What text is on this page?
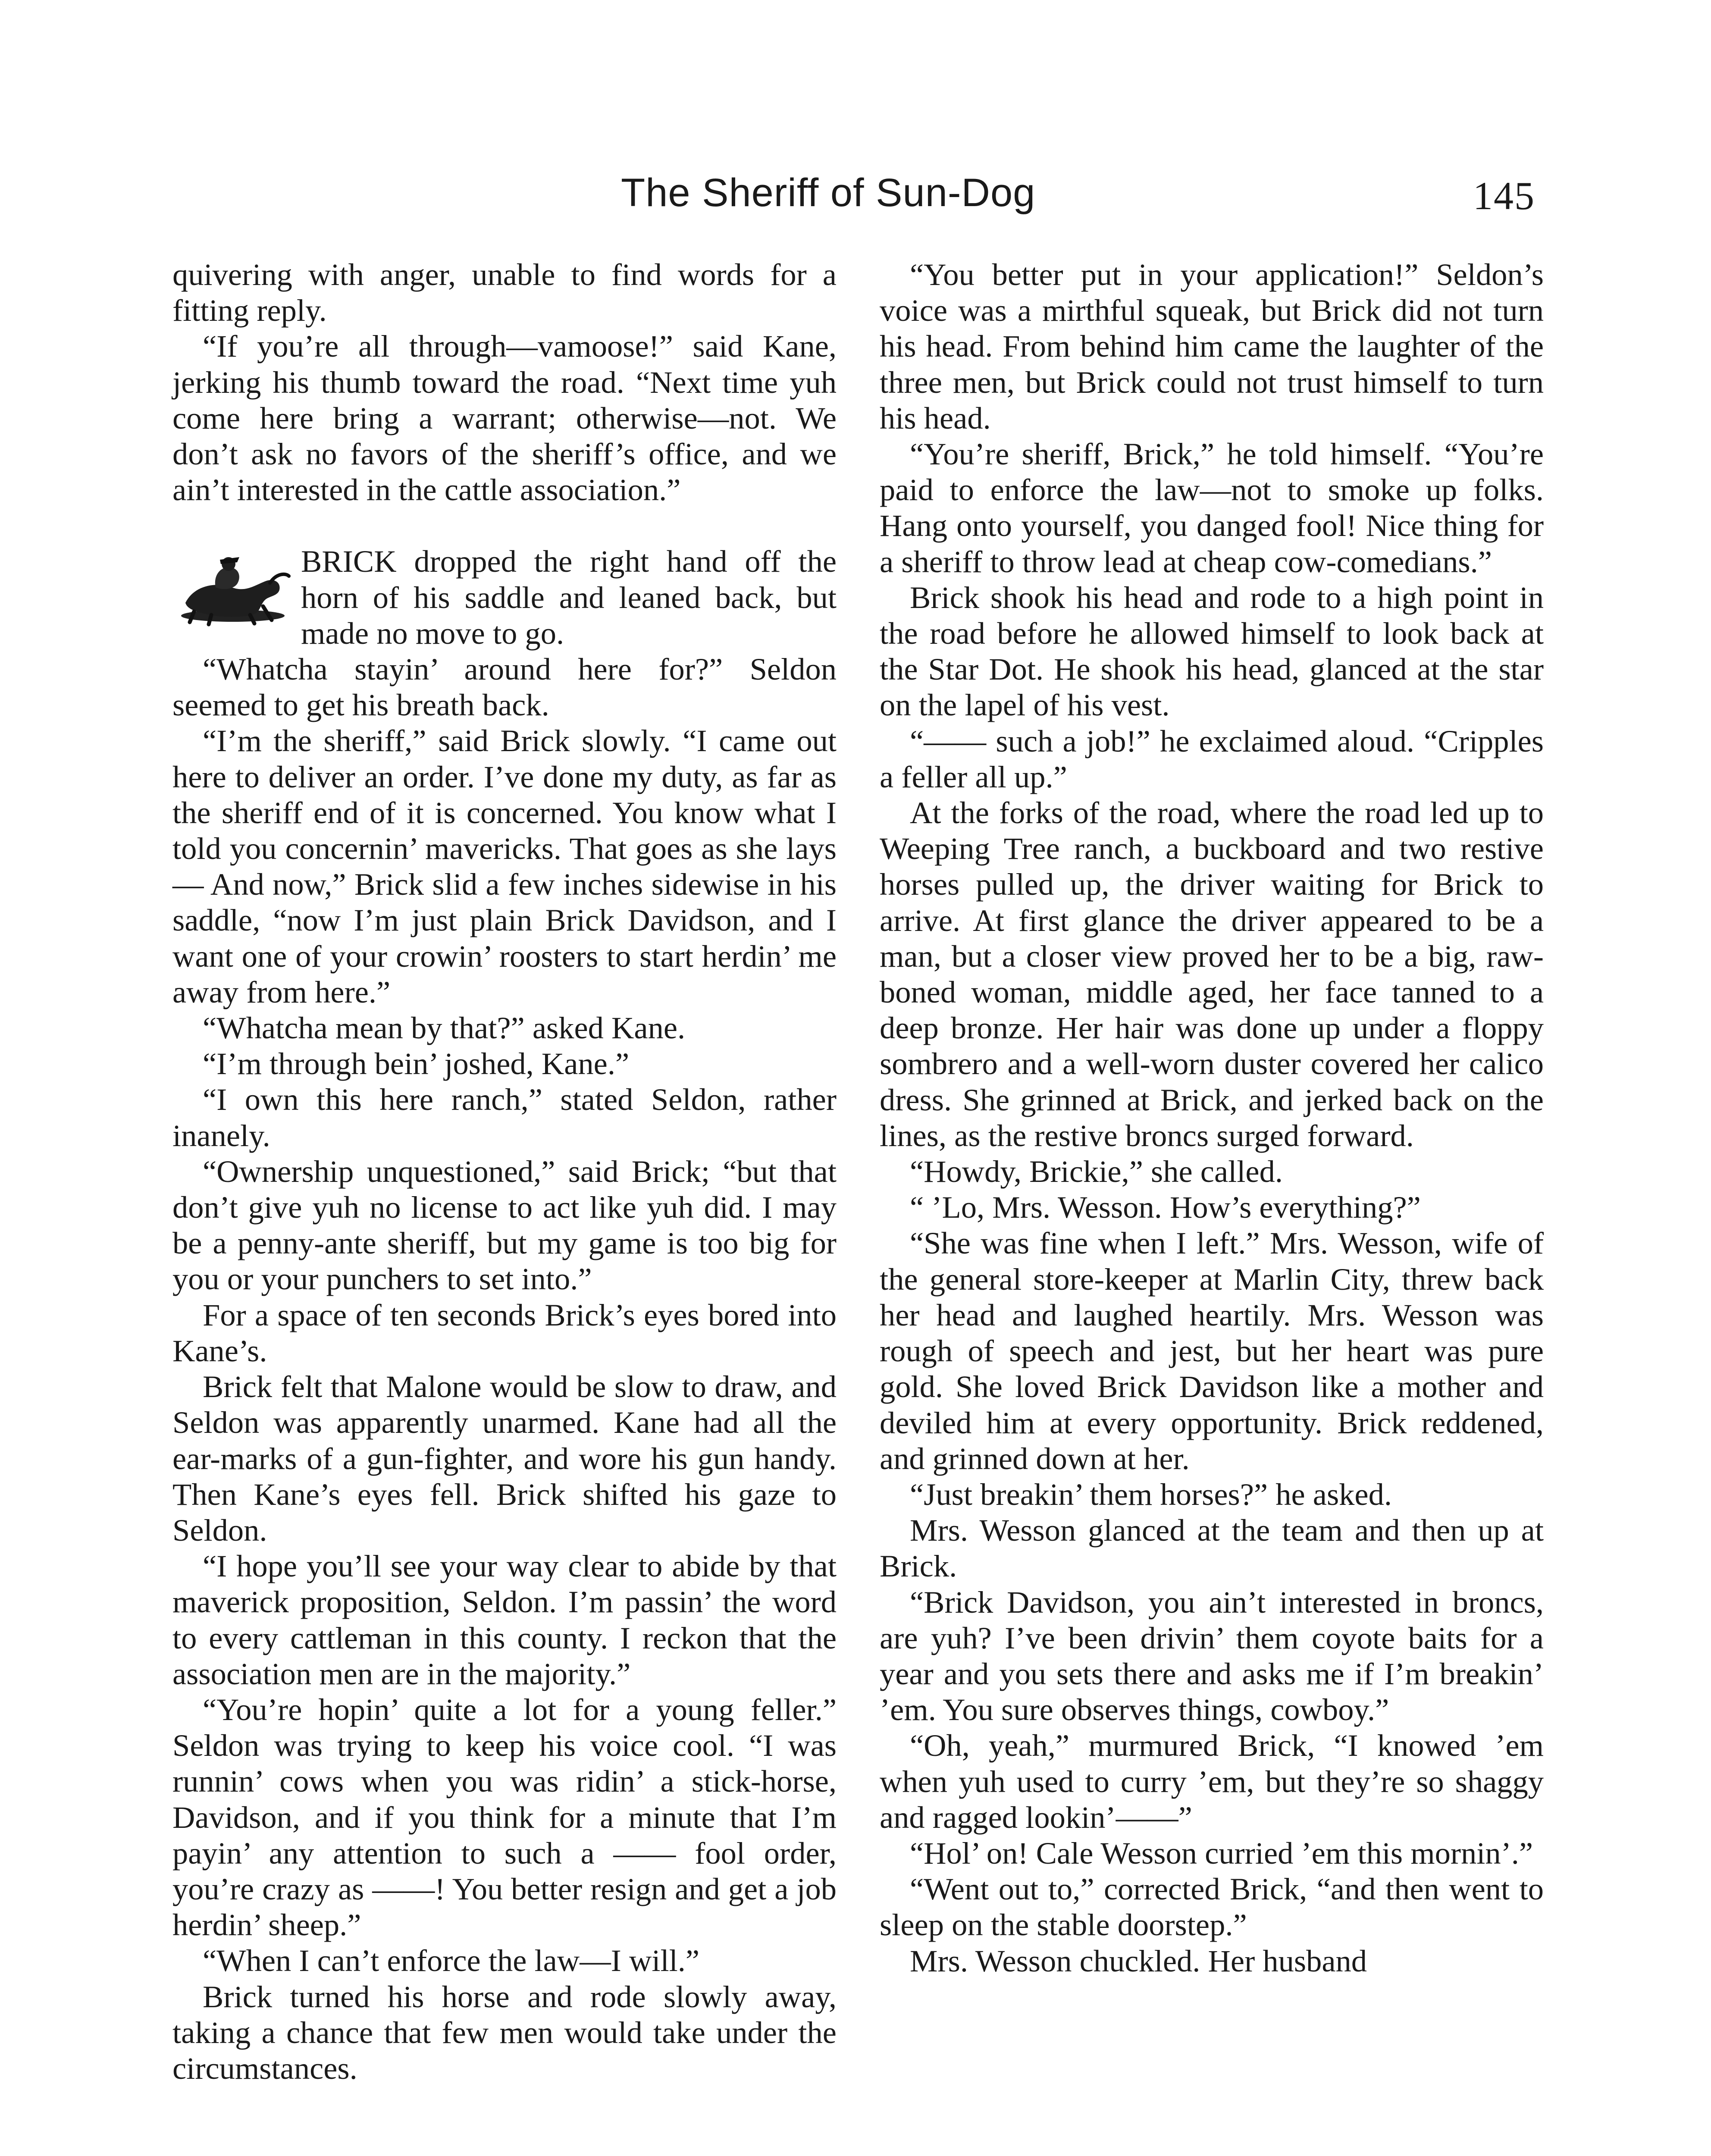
The Sheriff of Sun-Dog	145

quivering with anger, unable to find words for a fitting reply.

“If you’re all through—vamoose!” said Kane, jerking his thumb toward the road. “Next time yuh come here bring a warrant; otherwise—not. We don’t ask no favors of the sheriff’s office, and we ain’t interested in the cattle association.”

BRICK dropped the right hand off the horn of his saddle and leaned back, but made no move to go.

“Whatcha stayin’ around here for?” Seldon seemed to get his breath back.

“I’m the sheriff,” said Brick slowly. “I came out here to deliver an order. I’ve done my duty, as far as the sheriff end of it is concerned. You know what I told you concernin’ mavericks. That goes as she lays— And now,” Brick slid a few inches sidewise in his saddle, “now I’m just plain Brick Davidson, and I want one of your crowin’ roosters to start herdin’ me away from here.”

“Whatcha mean by that?” asked Kane.

“I’m through bein’ joshed, Kane.”

“I own this here ranch,” stated Seldon, rather inanely.

“Ownership unquestioned,” said Brick; “but that don’t give yuh no license to act like yuh did. I may be a penny-ante sheriff, but my game is too big for you or your punchers to set into.”

For a space of ten seconds Brick’s eyes bored into Kane’s.

Brick felt that Malone would be slow to draw, and Seldon was apparently unarmed. Kane had all the ear-marks of a gun-fighter, and wore his gun handy. Then Kane’s eyes fell. Brick shifted his gaze to Seldon.

“I hope you’ll see your way clear to abide by that maverick proposition, Seldon. I’m passin’ the word to every cattleman in this county. I reckon that the association men are in the majority.”

“You’re hopin’ quite a lot for a young feller.” Seldon was trying to keep his voice cool. “I was runnin’ cows when you was ridin’ a stick-horse, Davidson, and if you think for a minute that I’m payin’ any attention to such a —— fool order, you’re crazy as ——! You better resign and get a job herdin’ sheep.”

“When I can’t enforce the law—I will.”

Brick turned his horse and rode slowly away, taking a chance that few men would take under the circumstances.

“You better put in your application!” Seldon’s voice was a mirthful squeak, but Brick did not turn his head. From behind him came the laughter of the three men, but Brick could not trust himself to turn his head.

“You’re sheriff, Brick,” he told himself. “You’re paid to enforce the law—not to smoke up folks. Hang onto yourself, you danged fool! Nice thing for a sheriff to throw lead at cheap cow-comedians.”

Brick shook his head and rode to a high point in the road before he allowed himself to look back at the Star Dot. He shook his head, glanced at the star on the lapel of his vest.

“—— such a job!” he exclaimed aloud. “Cripples a feller all up.”

At the forks of the road, where the road led up to Weeping Tree ranch, a buckboard and two restive horses pulled up, the driver waiting for Brick to arrive. At first glance the driver appeared to be a man, but a closer view proved her to be a big, raw-boned woman, middle aged, her face tanned to a deep bronze. Her hair was done up under a floppy sombrero and a well-worn duster covered her calico dress. She grinned at Brick, and jerked back on the lines, as the restive broncs surged forward.

“Howdy, Brickie,” she called.

“ ’Lo, Mrs. Wesson. How’s everything?”

“She was fine when I left.” Mrs. Wesson, wife of the general store-keeper at Marlin City, threw back her head and laughed heartily. Mrs. Wesson was rough of speech and jest, but her heart was pure gold. She loved Brick Davidson like a mother and deviled him at every opportunity. Brick reddened, and grinned down at her.

“Just breakin’ them horses?” he asked.

Mrs. Wesson glanced at the team and then up at Brick.

“Brick Davidson, you ain’t interested in broncs, are yuh? I’ve been drivin’ them coyote baits for a year and you sets there and asks me if I’m breakin’ ’em. You sure observes things, cowboy.”

“Oh, yeah,” murmured Brick, “I knowed ’em when yuh used to curry ’em, but they’re so shaggy and ragged lookin’——”

“Hol’ on! Cale Wesson curried ’em this mornin’.”

“Went out to,” corrected Brick, “and then went to sleep on the stable doorstep.”

Mrs. Wesson chuckled. Her husband
